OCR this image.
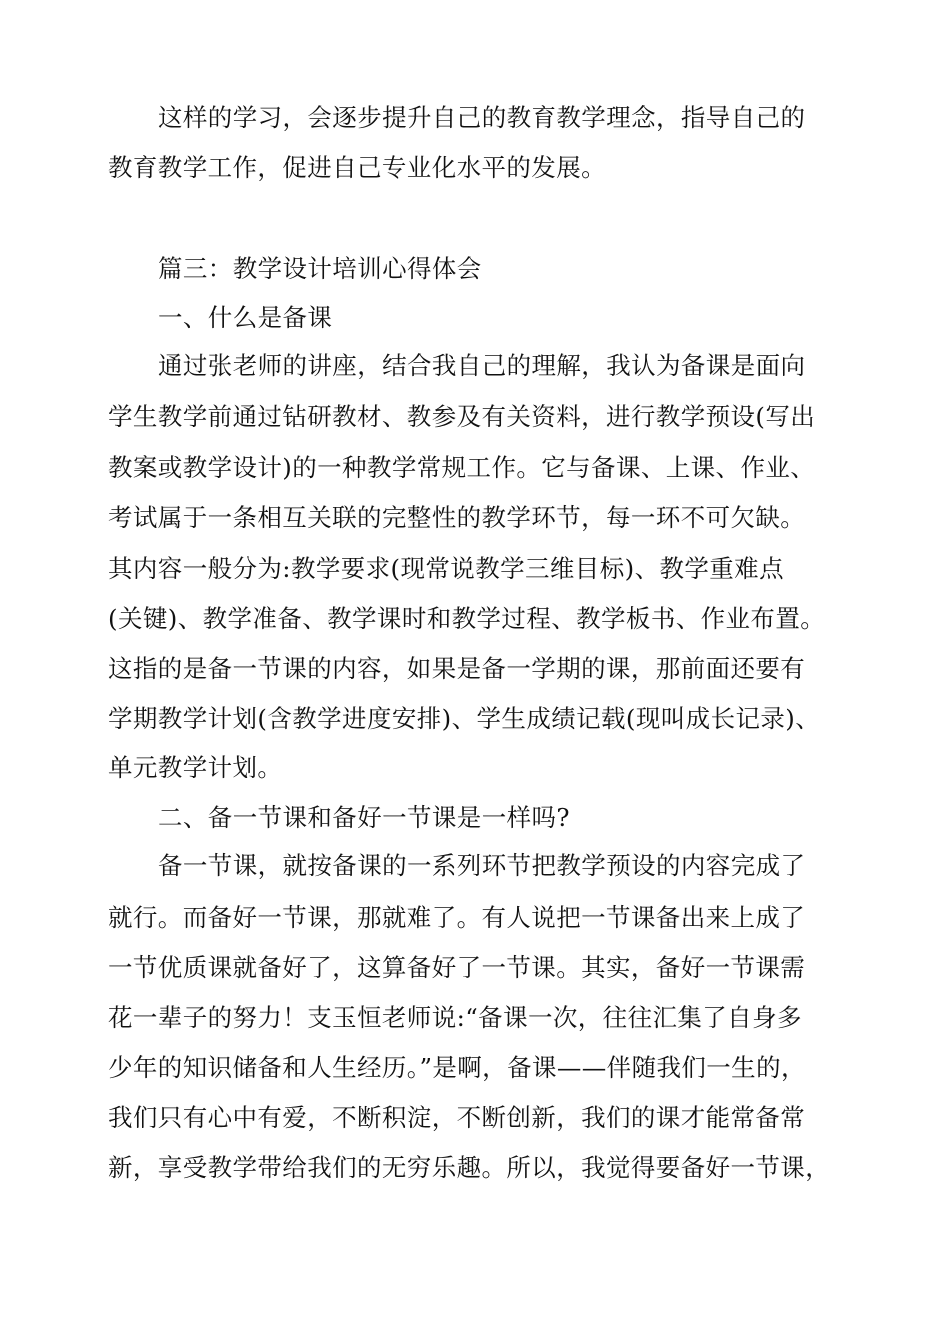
这样的学习，会逐步提升自己的教育教学理念，指导自己的
教育教学工作，促进自己专业化水平的发展。
篇三：教学设计培训心得体会
一、什么是备课
通过张老师的讲座，结合我自己的理解，我认为备课是面向
学生教学前通过钻研教材、教参及有关资料，进行教学预设(写出
教案或教学设计)的一种教学常规工作。它与备课、上课、作业、
考试属于一条相互关联的完整性的教学环节，每一环不可欠缺。
其内容一般分为:教学要求(现常说教学三维目标)、教学重难点
(关键)、教学准备、教学课时和教学过程、教学板书、作业布置。
这指的是备一节课的内容，如果是备一学期的课，那前面还要有
学期教学计划(含教学进度安排)、学生成绩记载(现叫成长记录)、
单元教学计划。
二、备一节课和备好一节课是一样吗?
备一节课，就按备课的一系列环节把教学预设的内容完成了
就行。而备好一节课，那就难了。有人说把一节课备出来上成了
一节优质课就备好了，这算备好了一节课。其实，备好一节课需
花一辈子的努力！支玉恒老师说:“备课一次，往往汇集了自身多
少年的知识储备和人生经历。”是啊，备课——伴随我们一生的，
我们只有心中有爱，不断积淀，不断创新，我们的课才能常备常
新，享受教学带给我们的无穷乐趣。所以，我觉得要备好一节课，
